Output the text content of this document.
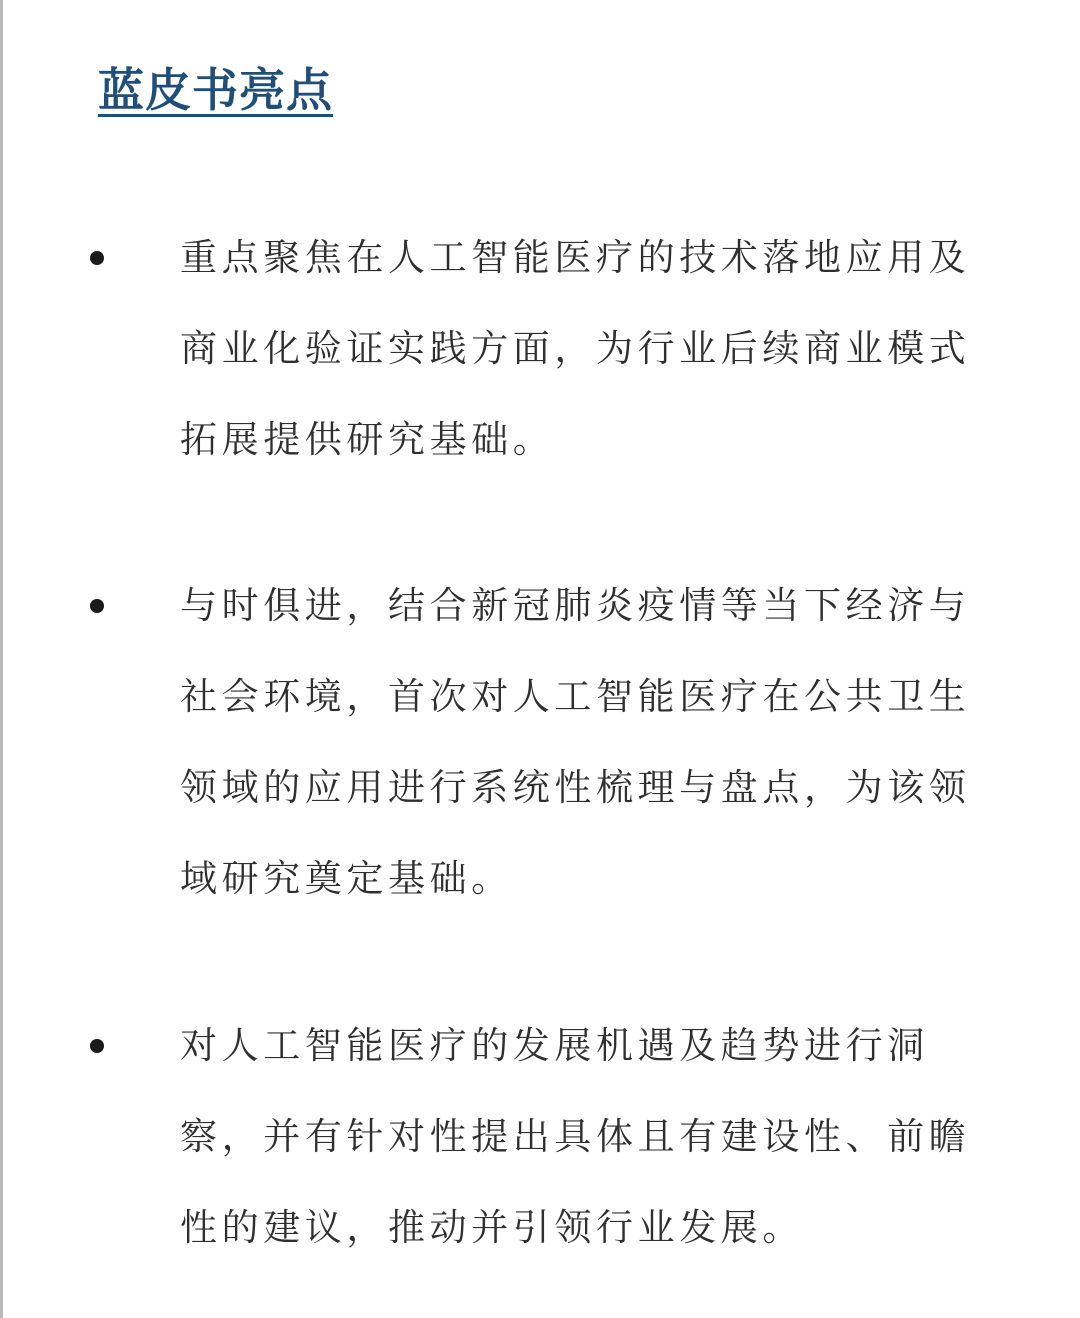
蓝皮书亮点
重点聚焦在人工智能医疗的技术落地应用及商业化验证实践方面，为行业后续商业模式拓展提供研究基础。
与时俱进，结合新冠肺炎疫情等当下经济与社会环境，首次对人工智能医疗在公共卫生领域的应用进行系统性梳理与盘点，为该领域研究奠定基础。
对人工智能医疗的发展机遇及趋势进行洞察，并有针对性提出具体且有建设性、前瞻性的建议，推动并引领行业发展。
